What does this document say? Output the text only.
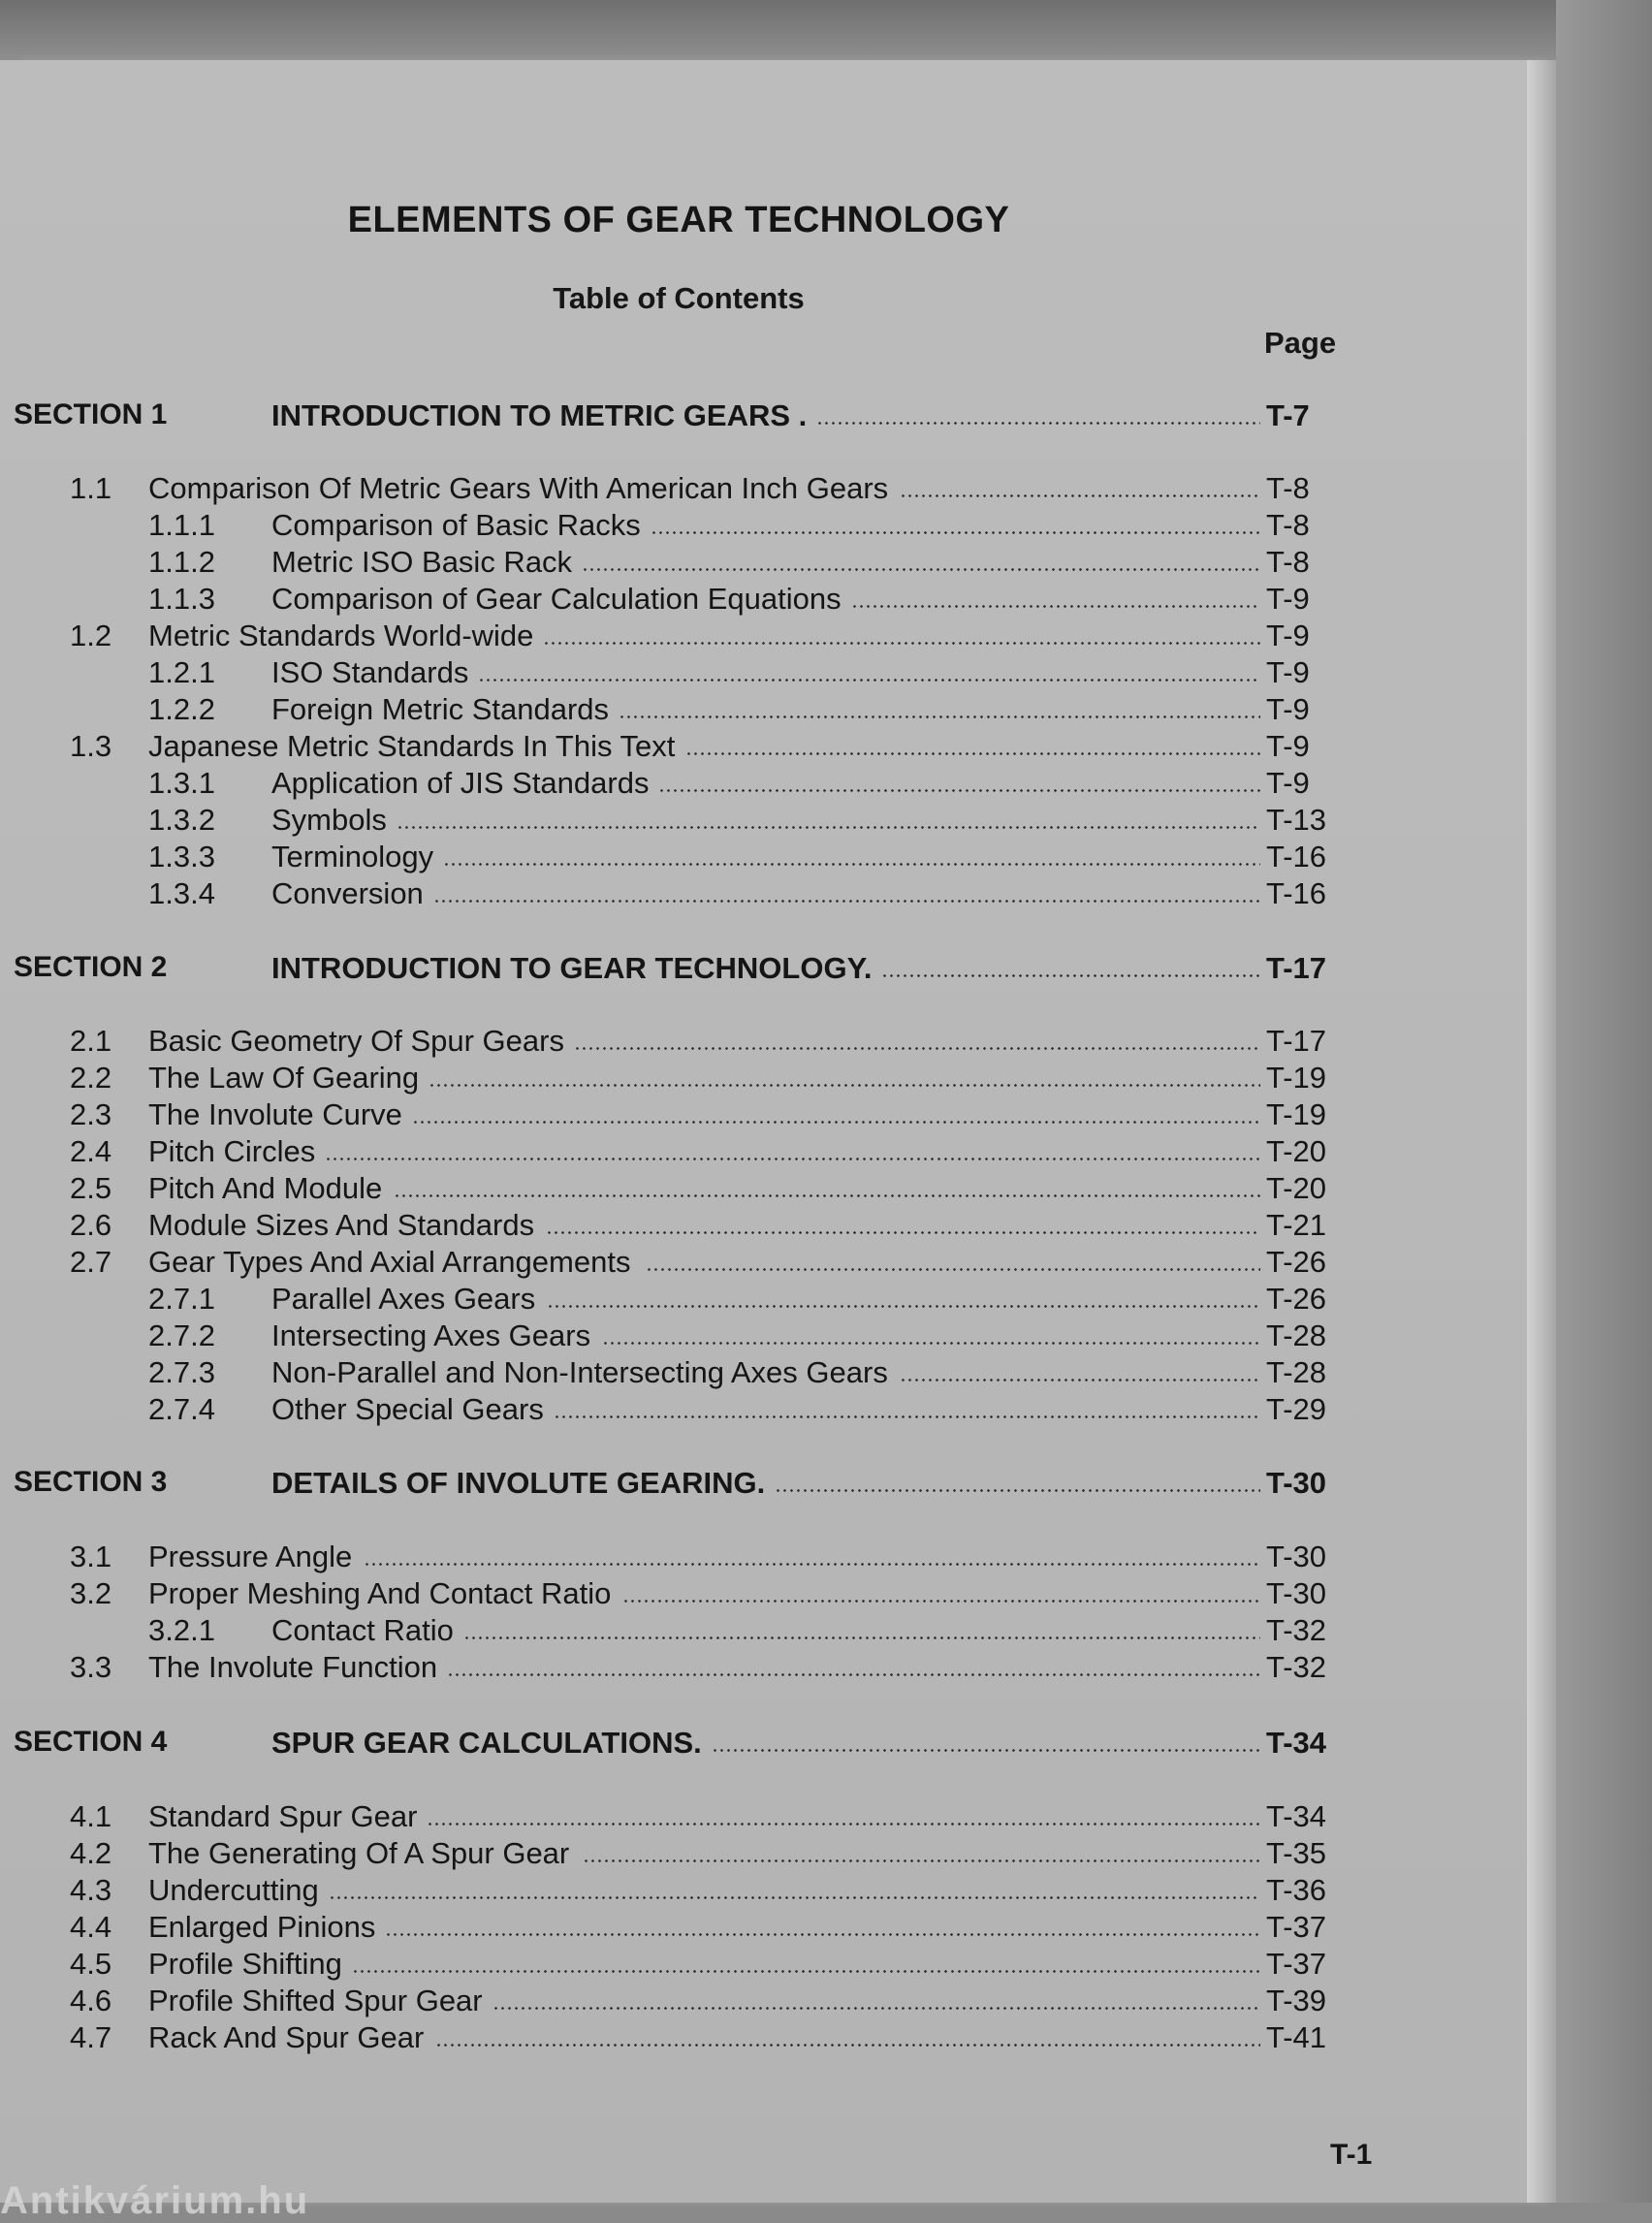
ELEMENTS OF GEAR TECHNOLOGY
Table of Contents
Page
SECTION 1	INTRODUCTION TO METRIC GEARS .	T-7
1.1 Comparison Of Metric Gears With American Inch Gears	T-8
1.1.1 Comparison of Basic Racks	T-8
1.1.2 Metric ISO Basic Rack	T-8
1.1.3 Comparison of Gear Calculation Equations	T-9
1.2 Metric Standards World-wide	T-9
1.2.1 ISO Standards	T-9
1.2.2 Foreign Metric Standards	T-9
1.3 Japanese Metric Standards In This Text	T-9
1.3.1 Application of JIS Standards	T-9
1.3.2 Symbols	T-13
1.3.3 Terminology	T-16
1.3.4 Conversion	T-16
SECTION 2	INTRODUCTION TO GEAR TECHNOLOGY.	T-17
2.1 Basic Geometry Of Spur Gears	T-17
2.2 The Law Of Gearing	T-19
2.3 The Involute Curve	T-19
2.4 Pitch Circles	T-20
2.5 Pitch And Module	T-20
2.6 Module Sizes And Standards	T-21
2.7 Gear Types And Axial Arrangements	T-26
2.7.1 Parallel Axes Gears	T-26
2.7.2 Intersecting Axes Gears	T-28
2.7.3 Non-Parallel and Non-Intersecting Axes Gears	T-28
2.7.4 Other Special Gears	T-29
SECTION 3	DETAILS OF INVOLUTE GEARING.	T-30
3.1 Pressure Angle	T-30
3.2 Proper Meshing And Contact Ratio	T-30
3.2.1 Contact Ratio	T-32
3.3 The Involute Function	T-32
SECTION 4	SPUR GEAR CALCULATIONS.	T-34
4.1 Standard Spur Gear	T-34
4.2 The Generating Of A Spur Gear	T-35
4.3 Undercutting	T-36
4.4 Enlarged Pinions	T-37
4.5 Profile Shifting	T-37
4.6 Profile Shifted Spur Gear	T-39
4.7 Rack And Spur Gear	T-41
T-1
Antikvárium.hu
